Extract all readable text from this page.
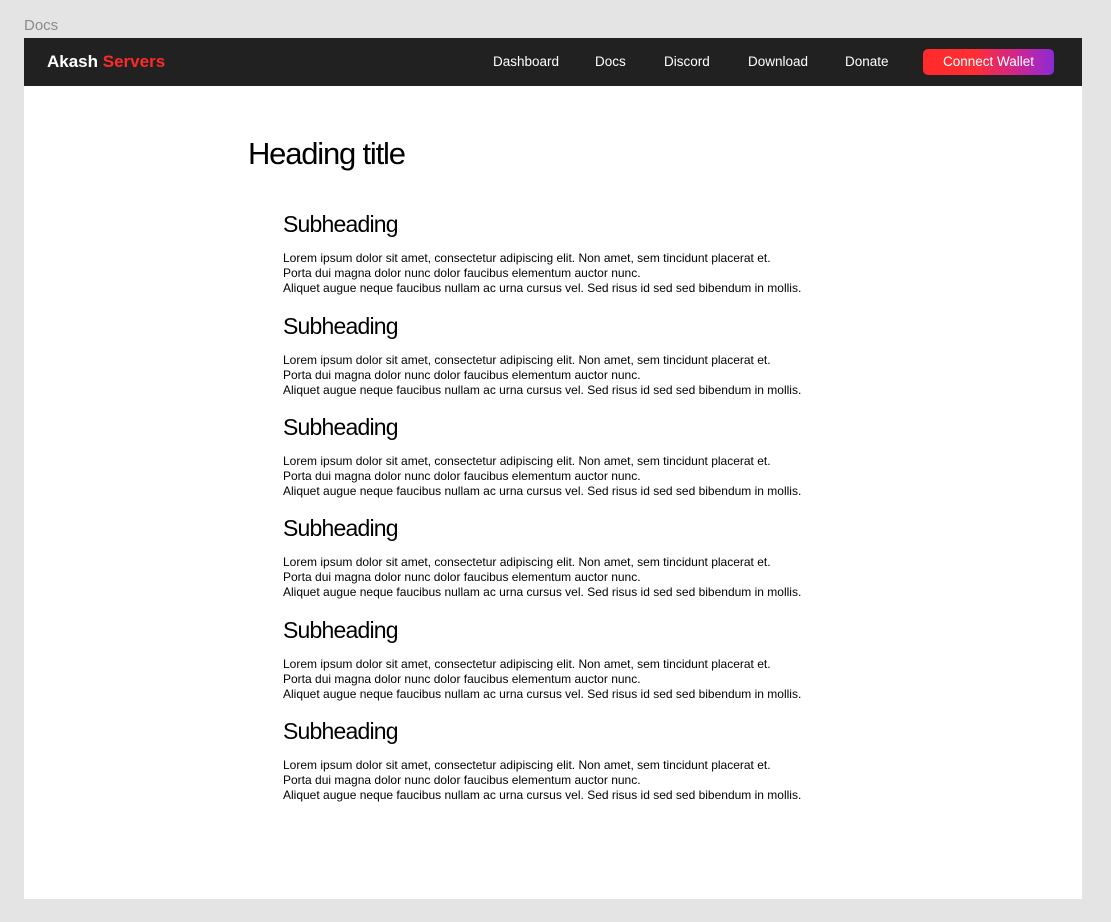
Docs
Akash Servers	Dashboard	Docs	Discord	Download	Donate	Connect Wallet
Heading title
Subheading

Lorem ipsum dolor sit amet, consectetur adipiscing elit. Non amet, sem tincidunt placerat et.
Porta dui magna dolor nunc dolor faucibus elementum auctor nunc.
Aliquet augue neque faucibus nullam ac urna cursus vel. Sed risus id sed sed bibendum in mollis.

Subheading

Lorem ipsum dolor sit amet, consectetur adipiscing elit. Non amet, sem tincidunt placerat et.
Porta dui magna dolor nunc dolor faucibus elementum auctor nunc.
Aliquet augue neque faucibus nullam ac urna cursus vel. Sed risus id sed sed bibendum in mollis.

Subheading

Lorem ipsum dolor sit amet, consectetur adipiscing elit. Non amet, sem tincidunt placerat et.
Porta dui magna dolor nunc dolor faucibus elementum auctor nunc.
Aliquet augue neque faucibus nullam ac urna cursus vel. Sed risus id sed sed bibendum in mollis.

Subheading

Lorem ipsum dolor sit amet, consectetur adipiscing elit. Non amet, sem tincidunt placerat et.
Porta dui magna dolor nunc dolor faucibus elementum auctor nunc.
Aliquet augue neque faucibus nullam ac urna cursus vel. Sed risus id sed sed bibendum in mollis.

Subheading

Lorem ipsum dolor sit amet, consectetur adipiscing elit. Non amet, sem tincidunt placerat et.
Porta dui magna dolor nunc dolor faucibus elementum auctor nunc.
Aliquet augue neque faucibus nullam ac urna cursus vel. Sed risus id sed sed bibendum in mollis.

Subheading

Lorem ipsum dolor sit amet, consectetur adipiscing elit. Non amet, sem tincidunt placerat et.
Porta dui magna dolor nunc dolor faucibus elementum auctor nunc.
Aliquet augue neque faucibus nullam ac urna cursus vel. Sed risus id sed sed bibendum in mollis.
